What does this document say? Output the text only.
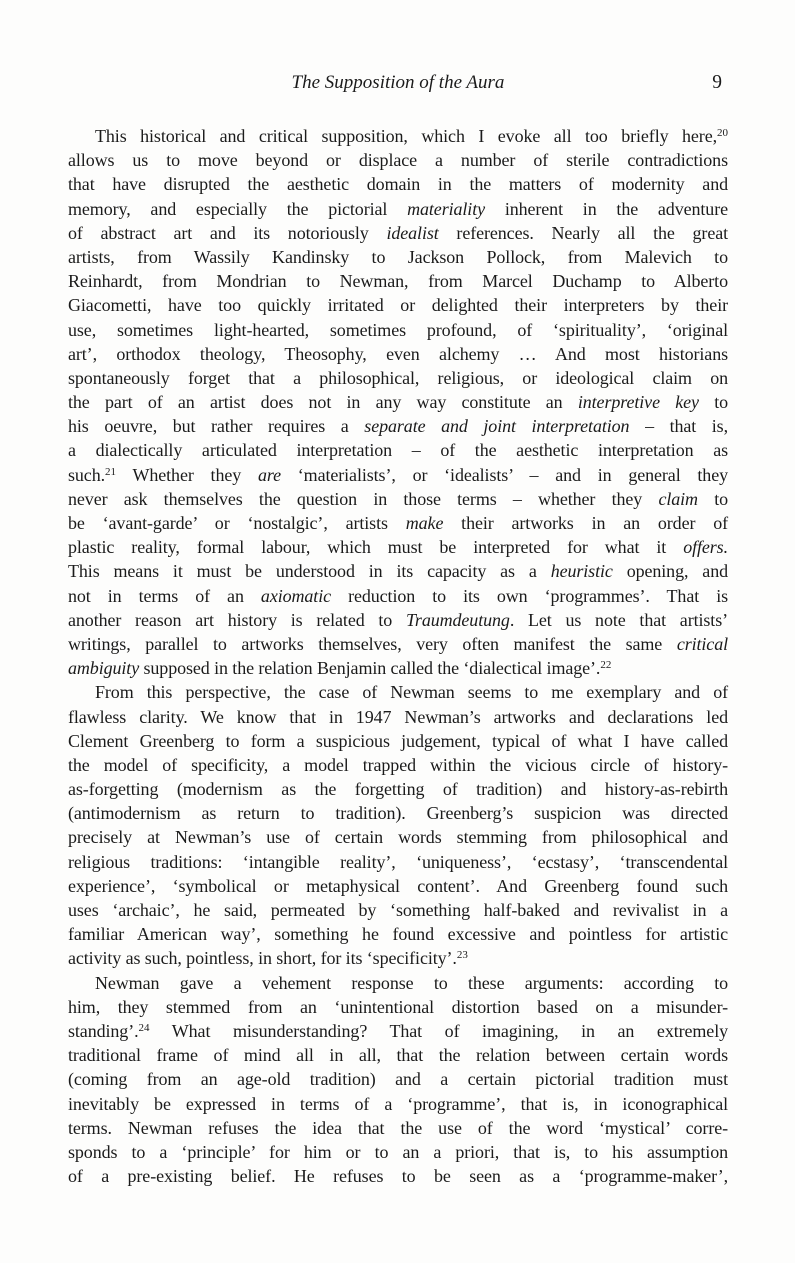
The Supposition of the Aura	9
This historical and critical supposition, which I evoke all too briefly here,$^{20}$
allows us to move beyond or displace a number of sterile contradictions
that have disrupted the aesthetic domain in the matters of modernity and
memory, and especially the pictorial materiality inherent in the adventure
of abstract art and its notoriously idealist references. Nearly all the great
artists, from Wassily Kandinsky to Jackson Pollock, from Malevich to
Reinhardt, from Mondrian to Newman, from Marcel Duchamp to Alberto
Giacometti, have too quickly irritated or delighted their interpreters by their
use, sometimes light-hearted, sometimes profound, of ‘spirituality’, ‘original
art’, orthodox theology, Theosophy, even alchemy … And most historians
spontaneously forget that a philosophical, religious, or ideological claim on
the part of an artist does not in any way constitute an interpretive key to
his oeuvre, but rather requires a separate and joint interpretation – that is,
a dialectically articulated interpretation – of the aesthetic interpretation as
such.$^{21}$ Whether they are ‘materialists’, or ‘idealists’ – and in general they
never ask themselves the question in those terms – whether they claim to
be ‘avant-garde’ or ‘nostalgic’, artists make their artworks in an order of
plastic reality, formal labour, which must be interpreted for what it offers.
This means it must be understood in its capacity as a heuristic opening, and
not in terms of an axiomatic reduction to its own ‘programmes’. That is
another reason art history is related to Traumdeutung. Let us note that artists’
writings, parallel to artworks themselves, very often manifest the same critical
ambiguity supposed in the relation Benjamin called the ‘dialectical image’.$^{22}$
From this perspective, the case of Newman seems to me exemplary and of
flawless clarity. We know that in 1947 Newman’s artworks and declarations led
Clement Greenberg to form a suspicious judgement, typical of what I have called
the model of specificity, a model trapped within the vicious circle of history-
as-forgetting (modernism as the forgetting of tradition) and history-as-rebirth
(antimodernism as return to tradition). Greenberg’s suspicion was directed
precisely at Newman’s use of certain words stemming from philosophical and
religious traditions: ‘intangible reality’, ‘uniqueness’, ‘ecstasy’, ‘transcendental
experience’, ‘symbolical or metaphysical content’. And Greenberg found such
uses ‘archaic’, he said, permeated by ‘something half-baked and revivalist in a
familiar American way’, something he found excessive and pointless for artistic
activity as such, pointless, in short, for its ‘specificity’.$^{23}$
Newman gave a vehement response to these arguments: according to
him, they stemmed from an ‘unintentional distortion based on a misunder-
standing’.$^{24}$ What misunderstanding? That of imagining, in an extremely
traditional frame of mind all in all, that the relation between certain words
(coming from an age-old tradition) and a certain pictorial tradition must
inevitably be expressed in terms of a ‘programme’, that is, in iconographical
terms. Newman refuses the idea that the use of the word ‘mystical’ corre-
sponds to a ‘principle’ for him or to an a priori, that is, to his assumption
of a pre-existing belief. He refuses to be seen as a ‘programme-maker’,
